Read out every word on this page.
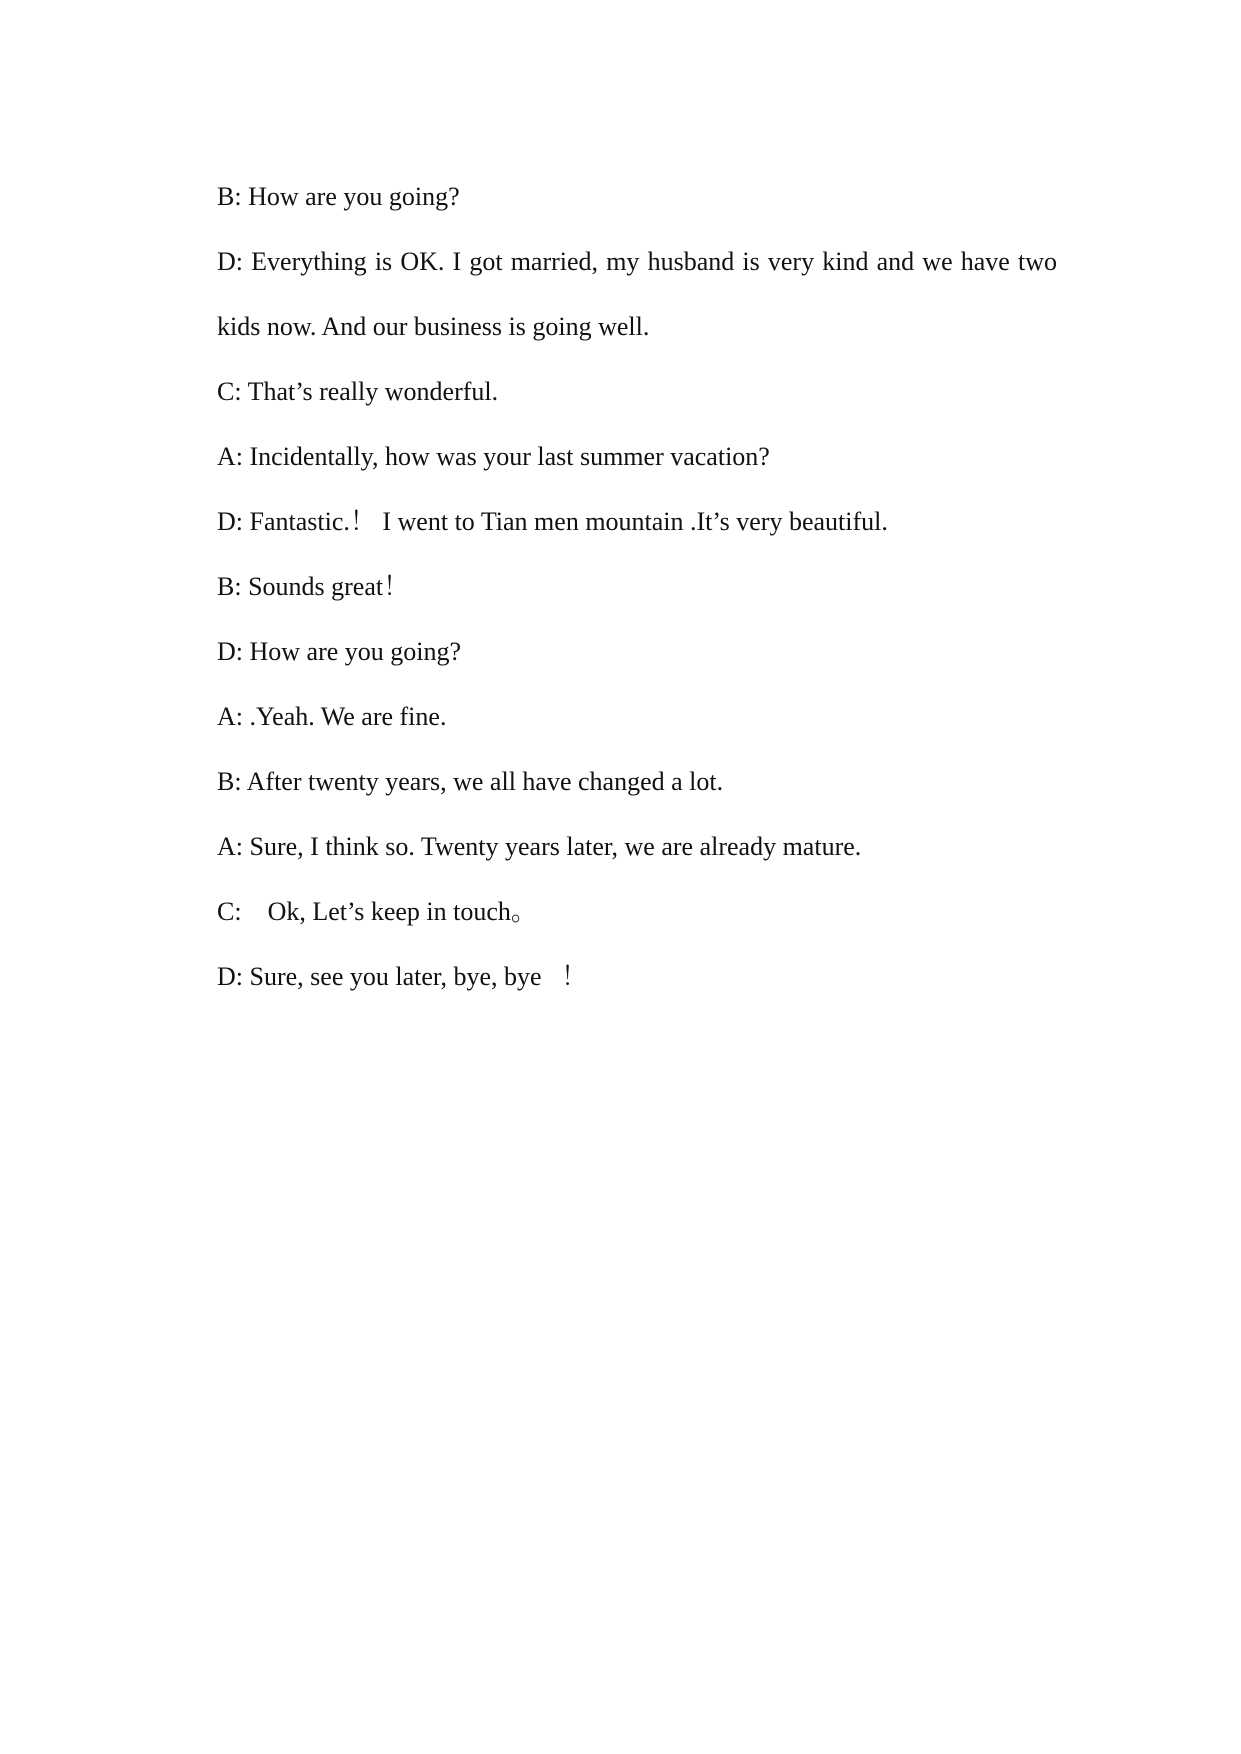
B: How are you going?

D: Everything is OK. I got married, my husband is very kind and we have two kids now. And our business is going well.

C: That’s really wonderful.

A: Incidentally, how was your last summer vacation?

D: Fantastic.！ I went to Tian men mountain .It’s very beautiful.

B: Sounds great！

D: How are you going?

A: .Yeah. We are fine.

B: After twenty years, we all have changed a lot.

A: Sure, I think so. Twenty years later, we are already mature.

C:    Ok, Let’s keep in touch。

D: Sure, see you later, bye, bye   ！
